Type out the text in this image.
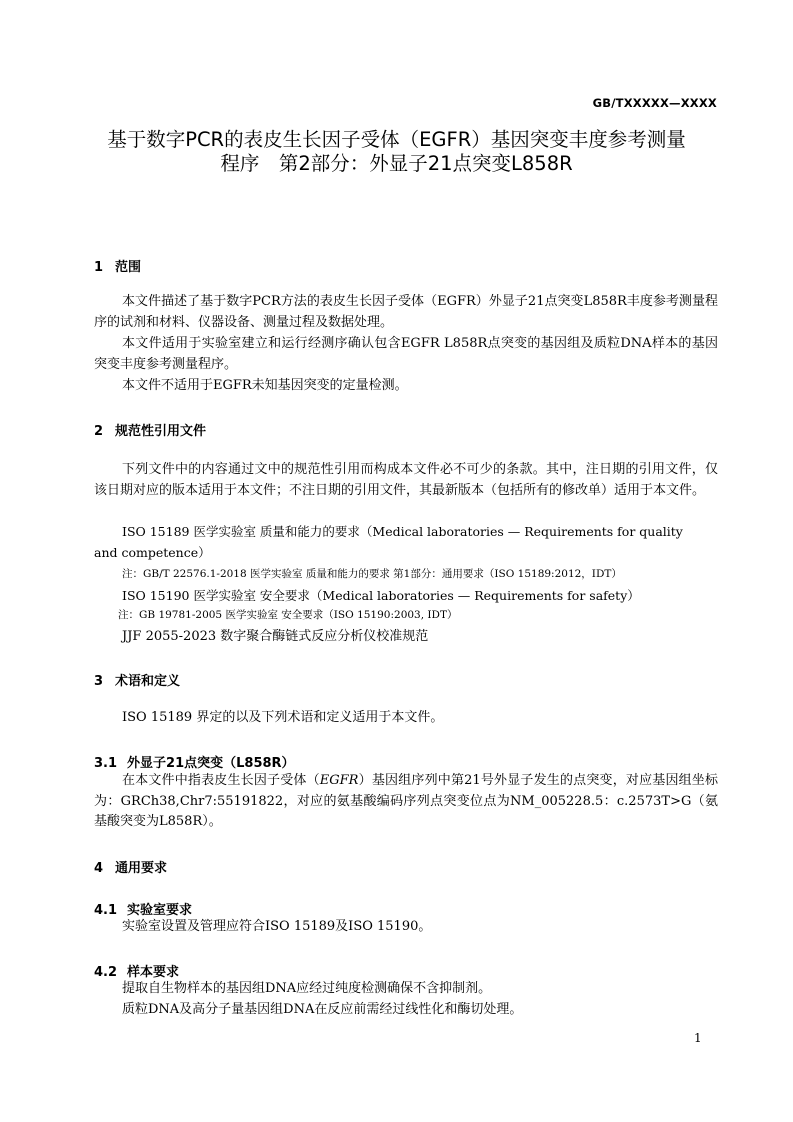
GB/TXXXXX—XXXX
基于数字PCR的表皮生长因子受体（EGFR）基因突变丰度参考测量
程序　第2部分：外显子21点突变L858R
1 范围
本文件描述了基于数字PCR方法的表皮生长因子受体（EGFR）外显子21点突变L858R丰度参考测量程序的试剂和材料、仪器设备、测量过程及数据处理。
本文件适用于实验室建立和运行经测序确认包含EGFR L858R点突变的基因组及质粒DNA样本的基因突变丰度参考测量程序。
本文件不适用于EGFR未知基因突变的定量检测。
2 规范性引用文件
下列文件中的内容通过文中的规范性引用而构成本文件必不可少的条款。其中，注日期的引用文件，仅该日期对应的版本适用于本文件；不注日期的引用文件，其最新版本（包括所有的修改单）适用于本文件。
ISO 15189 医学实验室 质量和能力的要求（Medical laboratories — Requirements for quality
and competence）
注：GB/T 22576.1-2018 医学实验室 质量和能力的要求 第1部分：通用要求（ISO 15189:2012，IDT）
ISO 15190 医学实验室 安全要求（Medical laboratories — Requirements for safety）
注：GB 19781-2005 医学实验室 安全要求（ISO 15190:2003, IDT）
JJF 2055-2023 数字聚合酶链式反应分析仪校准规范
3 术语和定义
ISO 15189 界定的以及下列术语和定义适用于本文件。
3.1 外显子21点突变（L858R）
在本文件中指表皮生长因子受体（EGFR）基因组序列中第21号外显子发生的点突变，对应基因组坐标为：GRCh38,Chr7:55191822，对应的氨基酸编码序列点突变位点为NM_005228.5：c.2573T>G（氨基酸突变为L858R）。
4 通用要求
4.1 实验室要求
实验室设置及管理应符合ISO 15189及ISO 15190。
4.2 样本要求
提取自生物样本的基因组DNA应经过纯度检测确保不含抑制剂。
质粒DNA及高分子量基因组DNA在反应前需经过线性化和酶切处理。
1
